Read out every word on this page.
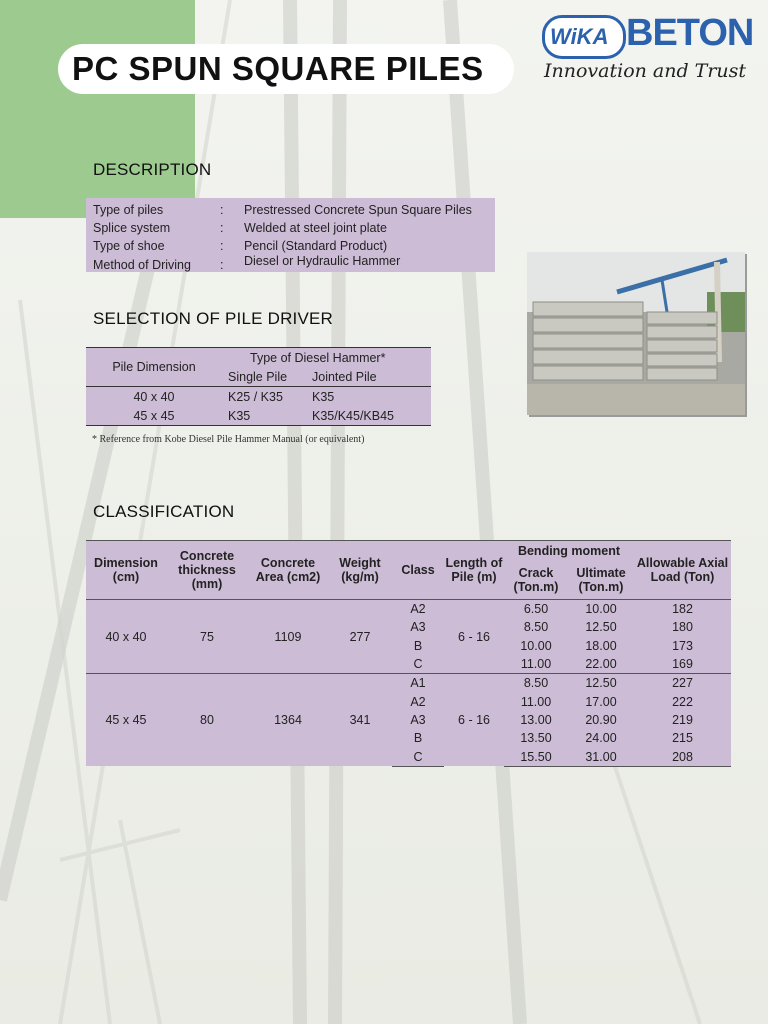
PC SPUN SQUARE PILES
WiKA BETON
Innovation and Trust
DESCRIPTION
Type of piles	: Prestressed Concrete Spun Square Piles
Splice system	: Welded at steel joint plate
Type of shoe	: Pencil (Standard Product)
Method of Driving : Diesel or Hydraulic Hammer
SELECTION OF PILE DRIVER
Pile Dimension	Type of Diesel Hammer*	
	Single Pile	Jointed Pile
40 x 40	K25 / K35	K35
45 x 45	K35	K35/K45/KB45
* Reference from Kobe Diesel Pile Hammer Manual (or equivalent)
CLASSIFICATION
Dimension (cm)	Concrete thickness (mm)	Concrete Area (cm2)	Weight (kg/m)	Class	Length of Pile (m)	Bending moment		Allowable Axial Load (Ton)
						Crack (Ton.m)	Ultimate (Ton.m)	
40 x 40	75	1109	277	A2	6 - 16	6.50	10.00	182
				A3		8.50	12.50	180
				B		10.00	18.00	173
				C		11.00	22.00	169
45 x 45	80	1364	341	A1	6 - 16	8.50	12.50	227
				A2		11.00	17.00	222
				A3		13.00	20.90	219
				B		13.50	24.00	215
				C		15.50	31.00	208
